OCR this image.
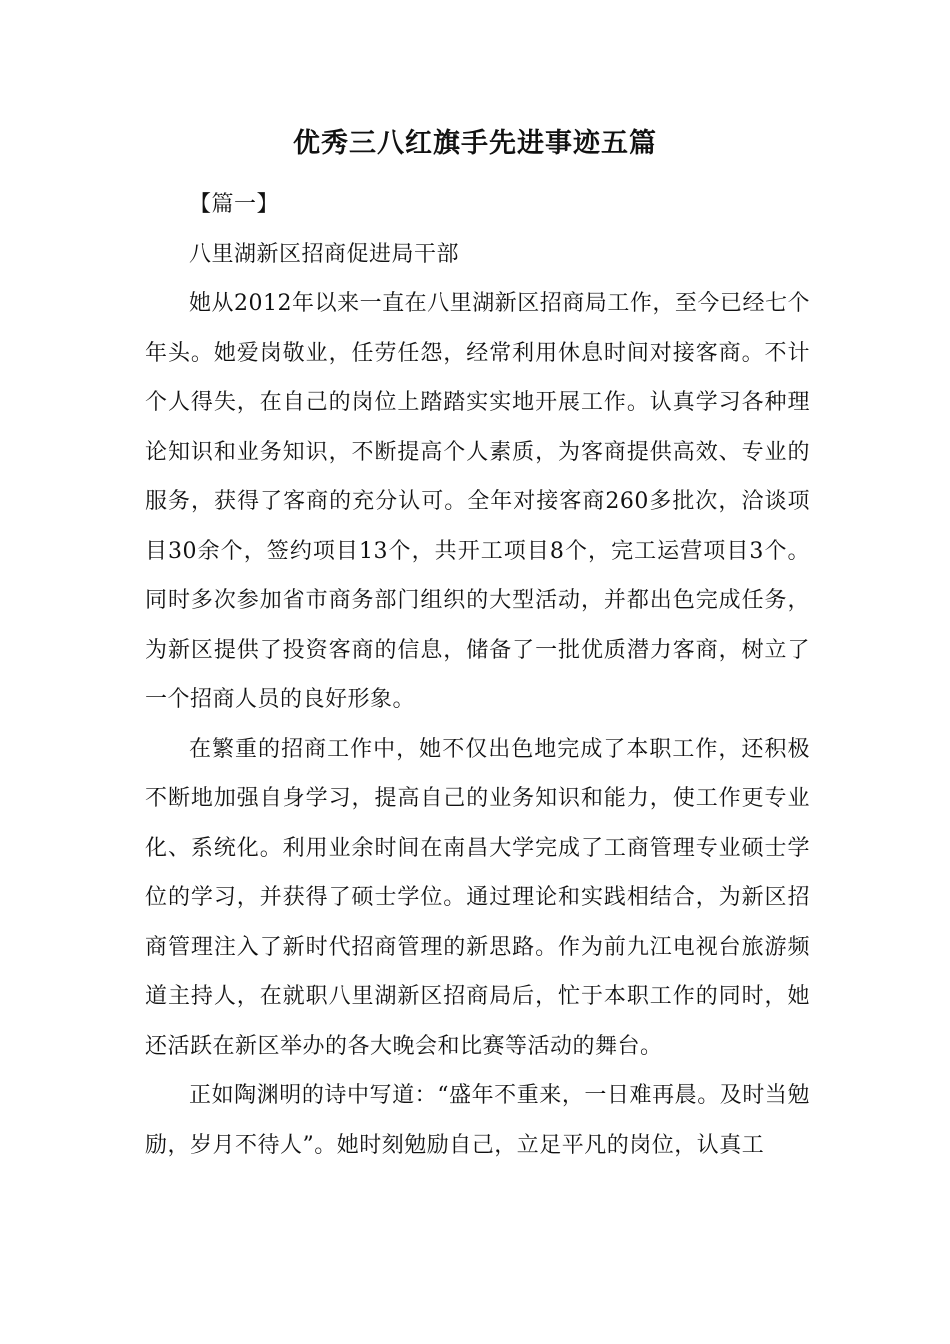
优秀三八红旗手先进事迹五篇

【篇一】

八里湖新区招商促进局干部

她从2012年以来一直在八里湖新区招商局工作，至今已经七个年头。她爱岗敬业，任劳任怨，经常利用休息时间对接客商。不计个人得失，在自己的岗位上踏踏实实地开展工作。认真学习各种理论知识和业务知识，不断提高个人素质，为客商提供高效、专业的服务，获得了客商的充分认可。全年对接客商260多批次，洽谈项目30余个，签约项目13个，共开工项目8个，完工运营项目3个。同时多次参加省市商务部门组织的大型活动，并都出色完成任务，为新区提供了投资客商的信息，储备了一批优质潜力客商，树立了一个招商人员的良好形象。

在繁重的招商工作中，她不仅出色地完成了本职工作，还积极不断地加强自身学习，提高自己的业务知识和能力，使工作更专业化、系统化。利用业余时间在南昌大学完成了工商管理专业硕士学位的学习，并获得了硕士学位。通过理论和实践相结合，为新区招商管理注入了新时代招商管理的新思路。作为前九江电视台旅游频道主持人，在就职八里湖新区招商局后，忙于本职工作的同时，她还活跃在新区举办的各大晚会和比赛等活动的舞台。

正如陶渊明的诗中写道：“盛年不重来，一日难再晨。及时当勉励，岁月不待人”。她时刻勉励自己，立足平凡的岗位，认真工
